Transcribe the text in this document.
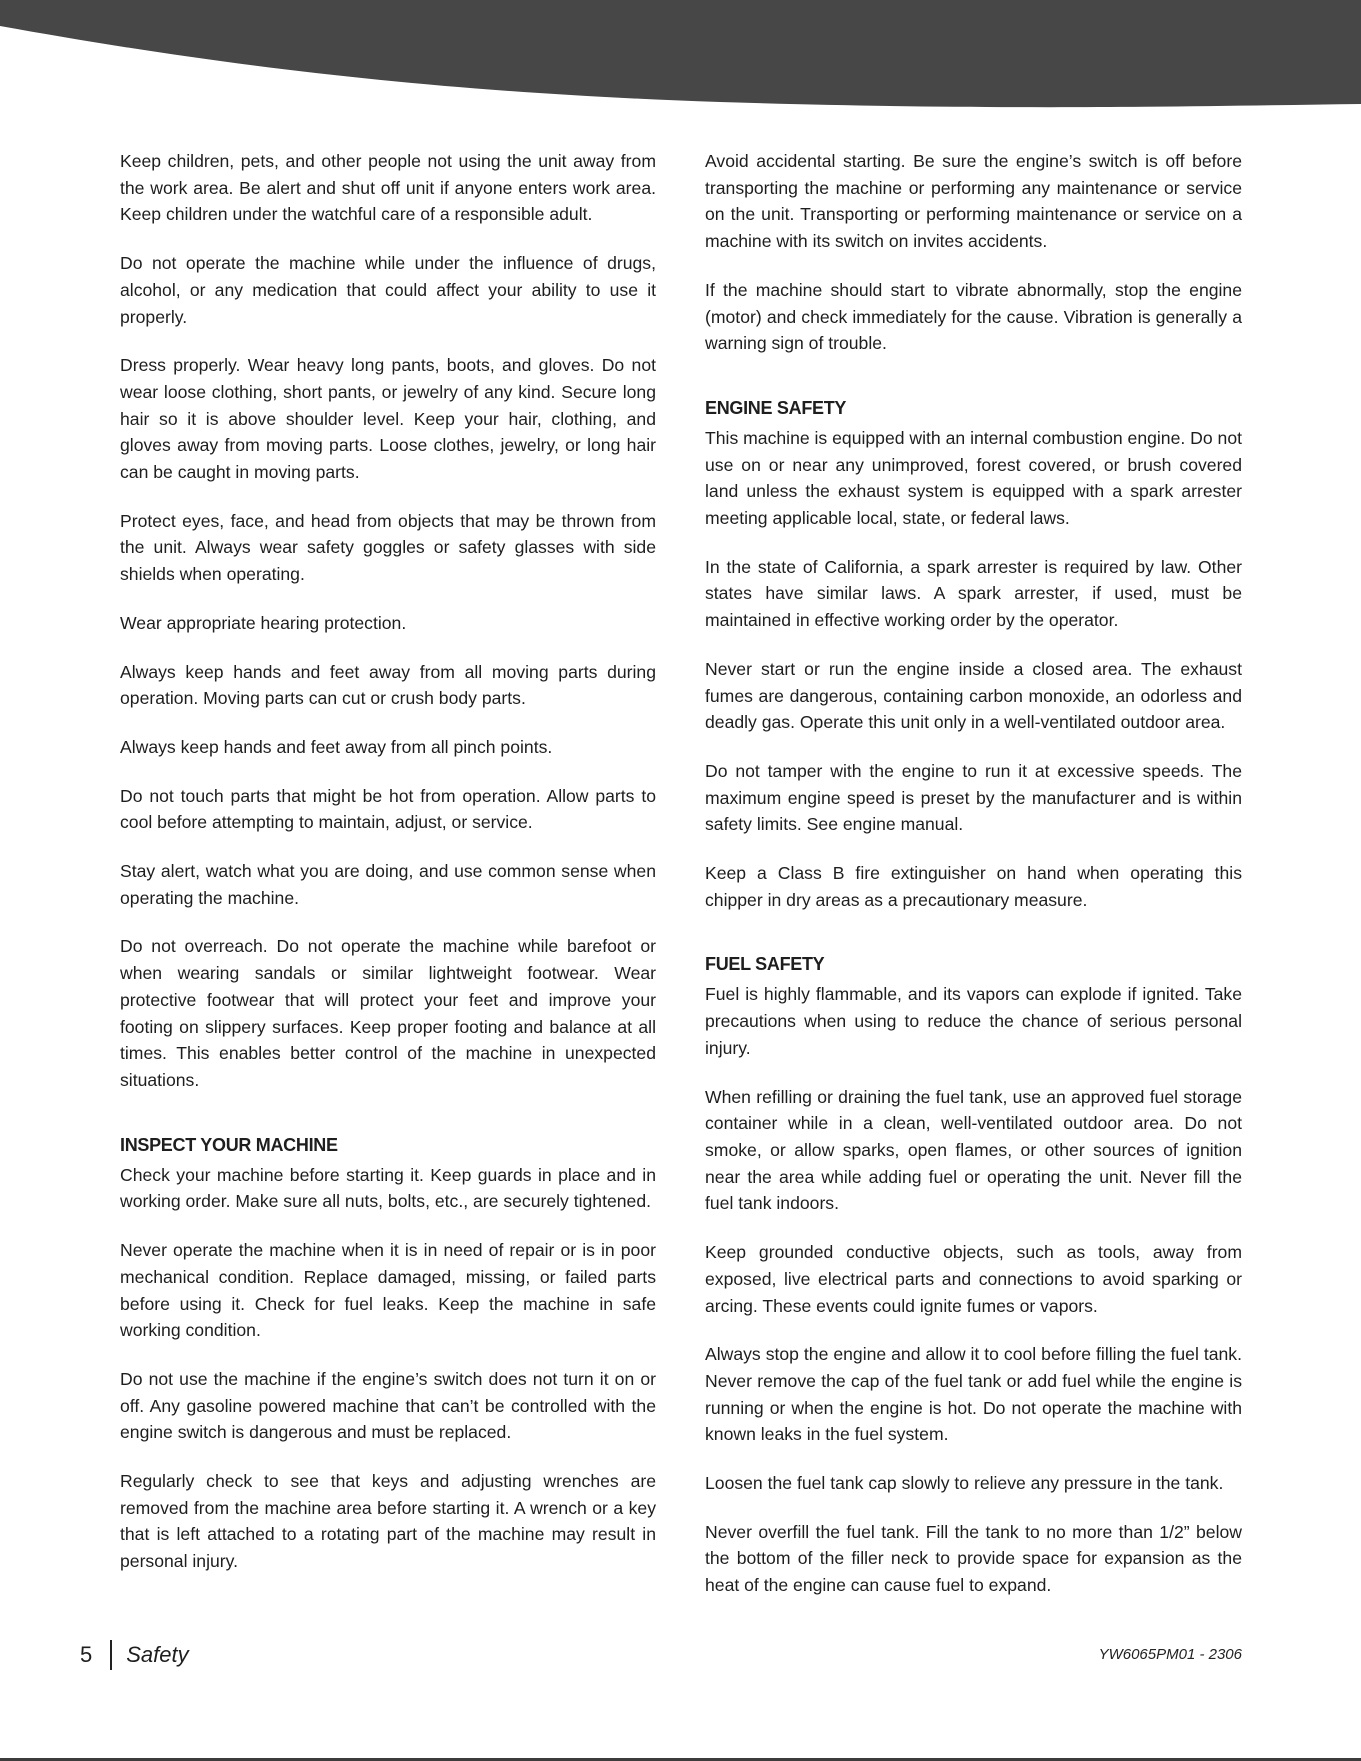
Keep children, pets, and other people not using the unit away from the work area. Be alert and shut off unit if anyone enters work area. Keep children under the watchful care of a responsible adult.

Do not operate the machine while under the influence of drugs, alcohol, or any medication that could affect your ability to use it properly.

Dress properly. Wear heavy long pants, boots, and gloves. Do not wear loose clothing, short pants, or jewelry of any kind. Secure long hair so it is above shoulder level. Keep your hair, clothing, and gloves away from moving parts. Loose clothes, jewelry, or long hair can be caught in moving parts.

Protect eyes, face, and head from objects that may be thrown from the unit. Always wear safety goggles or safety glasses with side shields when operating.

Wear appropriate hearing protection.

Always keep hands and feet away from all moving parts during operation. Moving parts can cut or crush body parts.

Always keep hands and feet away from all pinch points.

Do not touch parts that might be hot from operation. Allow parts to cool before attempting to maintain, adjust, or service.

Stay alert, watch what you are doing, and use common sense when operating the machine.

Do not overreach. Do not operate the machine while barefoot or when wearing sandals or similar lightweight footwear. Wear protective footwear that will protect your feet and improve your footing on slippery surfaces. Keep proper footing and balance at all times. This enables better control of the machine in unexpected situations.

INSPECT YOUR MACHINE

Check your machine before starting it. Keep guards in place and in working order. Make sure all nuts, bolts, etc., are securely tightened.

Never operate the machine when it is in need of repair or is in poor mechanical condition. Replace damaged, missing, or failed parts before using it. Check for fuel leaks. Keep the machine in safe working condition.

Do not use the machine if the engine’s switch does not turn it on or off. Any gasoline powered machine that can’t be controlled with the engine switch is dangerous and must be replaced.

Regularly check to see that keys and adjusting wrenches are removed from the machine area before starting it. A wrench or a key that is left attached to a rotating part of the machine may result in personal injury.

Avoid accidental starting. Be sure the engine’s switch is off before transporting the machine or performing any maintenance or service on the unit. Transporting or performing maintenance or service on a machine with its switch on invites accidents.

If the machine should start to vibrate abnormally, stop the engine (motor) and check immediately for the cause. Vibration is generally a warning sign of trouble.

ENGINE SAFETY

This machine is equipped with an internal combustion engine. Do not use on or near any unimproved, forest covered, or brush covered land unless the exhaust system is equipped with a spark arrester meeting applicable local, state, or federal laws.

In the state of California, a spark arrester is required by law. Other states have similar laws. A spark arrester, if used, must be maintained in effective working order by the operator.

Never start or run the engine inside a closed area. The exhaust fumes are dangerous, containing carbon monoxide, an odorless and deadly gas. Operate this unit only in a well-ventilated outdoor area.

Do not tamper with the engine to run it at excessive speeds. The maximum engine speed is preset by the manufacturer and is within safety limits. See engine manual.

Keep a Class B fire extinguisher on hand when operating this chipper in dry areas as a precautionary measure.

FUEL SAFETY

Fuel is highly flammable, and its vapors can explode if ignited. Take precautions when using to reduce the chance of serious personal injury.

When refilling or draining the fuel tank, use an approved fuel storage container while in a clean, well-ventilated outdoor area. Do not smoke, or allow sparks, open flames, or other sources of ignition near the area while adding fuel or operating the unit. Never fill the fuel tank indoors.

Keep grounded conductive objects, such as tools, away from exposed, live electrical parts and connections to avoid sparking or arcing. These events could ignite fumes or vapors.

Always stop the engine and allow it to cool before filling the fuel tank. Never remove the cap of the fuel tank or add fuel while the engine is running or when the engine is hot. Do not operate the machine with known leaks in the fuel system.

Loosen the fuel tank cap slowly to relieve any pressure in the tank.

Never overfill the fuel tank. Fill the tank to no more than 1/2” below the bottom of the filler neck to provide space for expansion as the heat of the engine can cause fuel to expand.

5 Safety	YW6065PM01 - 2306
